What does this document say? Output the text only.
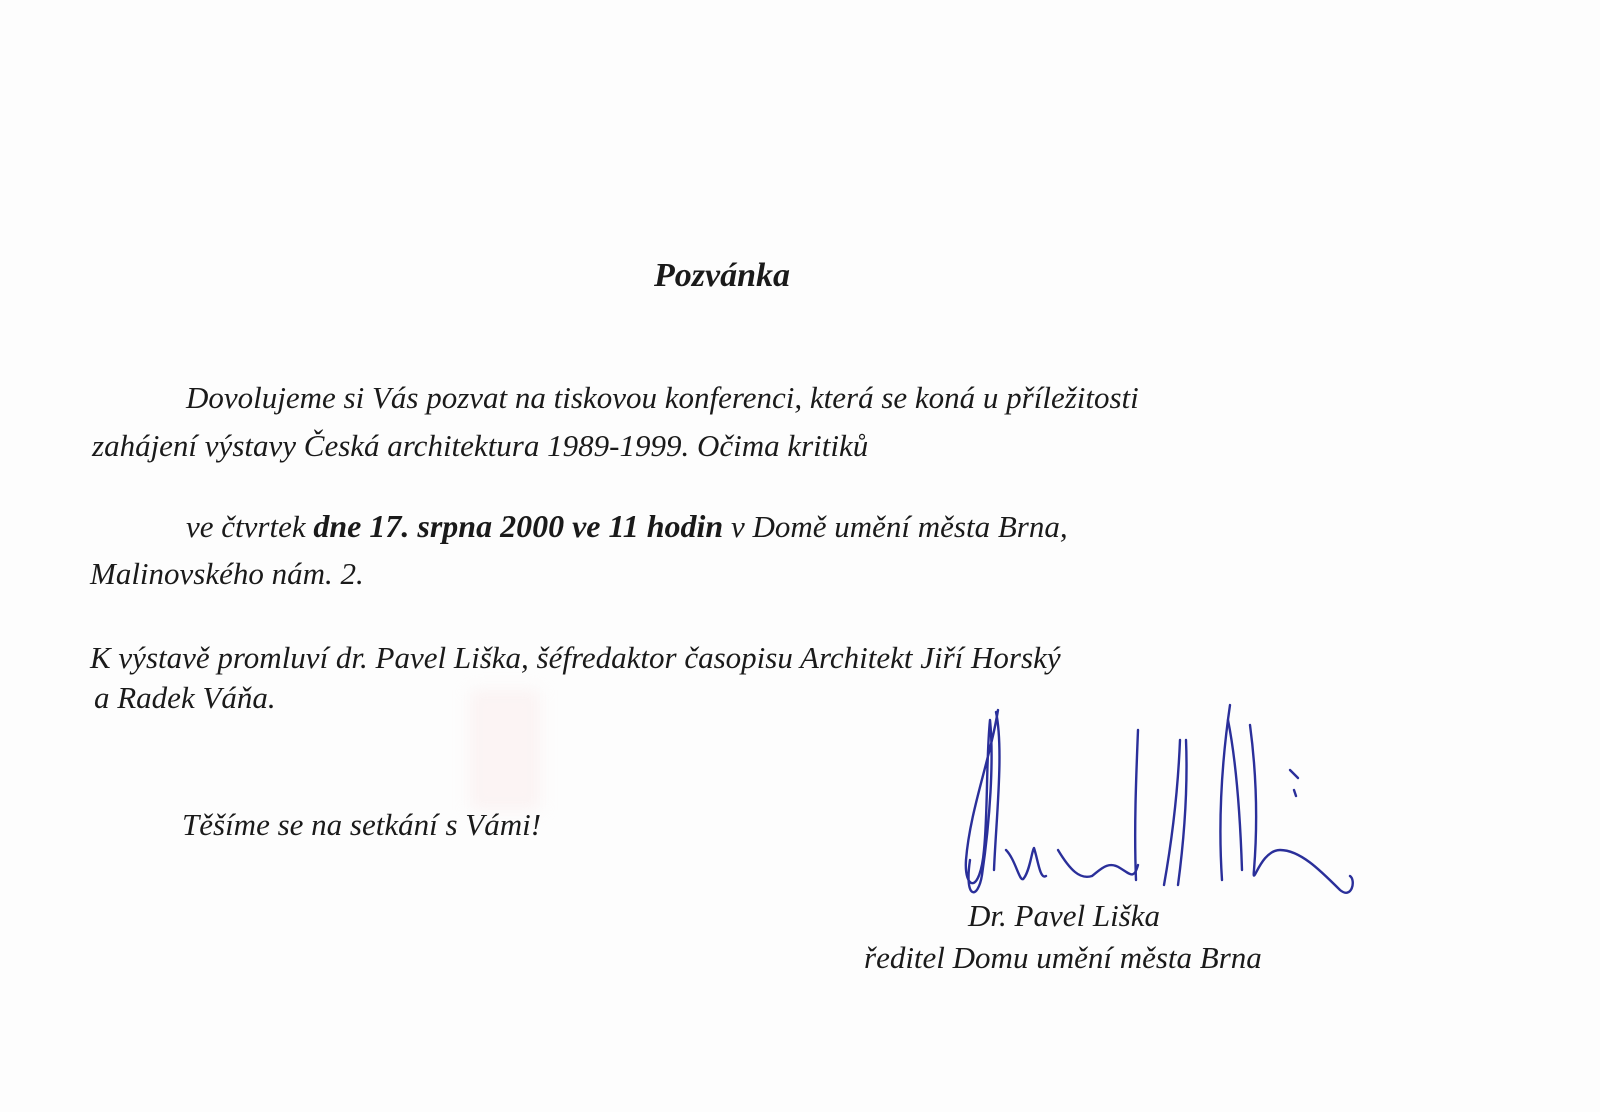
Pozvánka
Dovolujeme si Vás pozvat na tiskovou konferenci, která se koná u příležitosti
zahájení výstavy Česká architektura 1989-1999. Očima kritiků
ve čtvrtek dne 17. srpna 2000 ve 11 hodin v Domě umění města Brna,
Malinovského nám. 2.
K výstavě promluví dr. Pavel Liška, šéfredaktor časopisu Architekt Jiří Horský
a Radek Váňa.
Těšíme se na setkání s Vámi!
Dr. Pavel Liška
ředitel Domu umění města Brna
